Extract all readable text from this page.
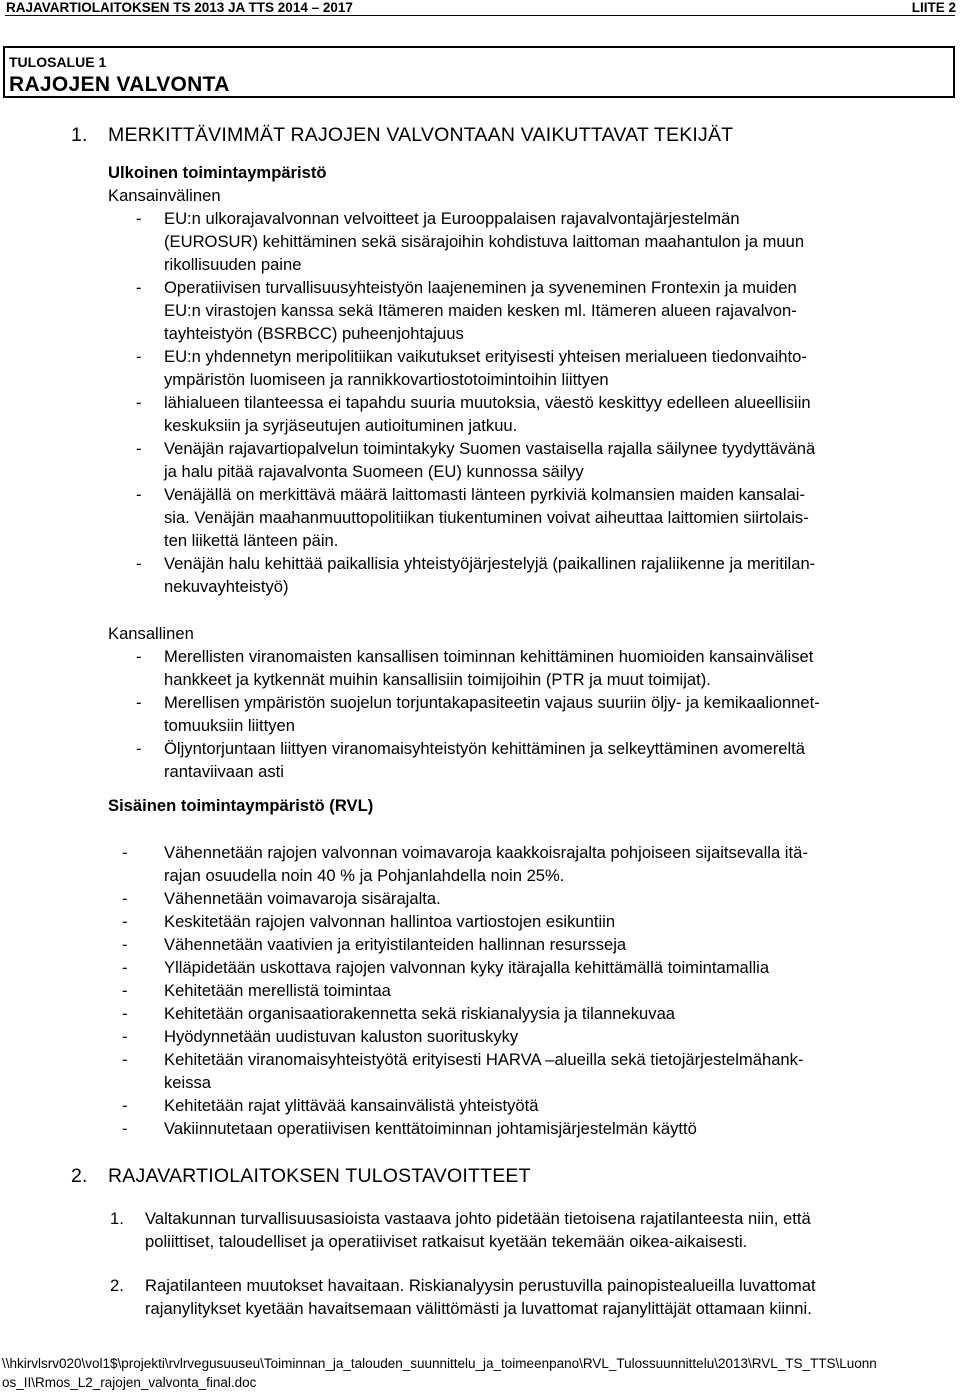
RAJAVARTIOLAITOKSEN TS 2013 JA TTS 2014 – 2017	LIITE 2
TULOSALUE 1
RAJOJEN VALVONTA
1. MERKITTÄVIMMÄT RAJOJEN VALVONTAAN VAIKUTTAVAT TEKIJÄT
Ulkoinen toimintaympäristö
Kansainvälinen
- EU:n ulkorajavalvonnan velvoitteet ja Eurooppalaisen rajavalvontajärjestelmän
(EUROSUR) kehittäminen sekä sisärajoihin kohdistuva laittoman maahantulon ja muun
rikollisuuden paine
- Operatiivisen turvallisuusyhteistyön laajeneminen ja syveneminen Frontexin ja muiden
EU:n virastojen kanssa sekä Itämeren maiden kesken ml. Itämeren alueen rajavalvon-
tayhteistyön (BSRBCC) puheenjohtajuus
- EU:n yhdennetyn meripolitiikan vaikutukset erityisesti yhteisen merialueen tiedonvaihto-
ympäristön luomiseen ja rannikkovartiostotoimintoihin liittyen
- lähialueen tilanteessa ei tapahdu suuria muutoksia, väestö keskittyy edelleen alueellisiin
keskuksiin ja syrjäseutujen autioituminen jatkuu.
- Venäjän rajavartiopalvelun toimintakyky Suomen vastaisella rajalla säilynee tyydyttävänä
ja halu pitää rajavalvonta Suomeen (EU) kunnossa säilyy
- Venäjällä on merkittävä määrä laittomasti länteen pyrkiviä kolmansien maiden kansalai-
sia. Venäjän maahanmuuttopolitiikan tiukentuminen voivat aiheuttaa laittomien siirtolais-
ten liikettä länteen päin.
- Venäjän halu kehittää paikallisia yhteistyöjärjestelyjä (paikallinen rajaliikenne ja meritilan-
nekuvayhteistyö)
Kansallinen
- Merellisten viranomaisten kansallisen toiminnan kehittäminen huomioiden kansainväliset
hankkeet ja kytkennät muihin kansallisiin toimijoihin (PTR ja muut toimijat).
- Merellisen ympäristön suojelun torjuntakapasiteetin vajaus suuriin öljy- ja kemikaalionnet-
tomuuksiin liittyen
- Öljyntorjuntaan liittyen viranomaisyhteistyön kehittäminen ja selkeyttäminen avomereltä
rantaviivaan asti
Sisäinen toimintaympäristö (RVL)
- Vähennetään rajojen valvonnan voimavaroja kaakkoisrajalta pohjoiseen sijaitsevalla itä-
rajan osuudella noin 40 % ja Pohjanlahdella noin 25%.
- Vähennetään voimavaroja sisärajalta.
- Keskitetään rajojen valvonnan hallintoa vartiostojen esikuntiin
- Vähennetään vaativien ja erityistilanteiden hallinnan resursseja
- Ylläpidetään uskottava rajojen valvonnan kyky itärajalla kehittämällä toimintamallia
- Kehitetään merellistä toimintaa
- Kehitetään organisaatiorakennetta sekä riskianalyysia ja tilannekuvaa
- Hyödynnetään uudistuvan kaluston suorituskyky
- Kehitetään viranomaisyhteistyötä erityisesti HARVA –alueilla sekä tietojärjestelmähank-
keissa
- Kehitetään rajat ylittävää kansainvälistä yhteistyötä
- Vakiinnutetaan operatiivisen kenttätoiminnan johtamisjärjestelmän käyttö
2. RAJAVARTIOLAITOKSEN TULOSTAVOITTEET
1. Valtakunnan turvallisuusasioista vastaava johto pidetään tietoisena rajatilanteesta niin, että
poliittiset, taloudelliset ja operatiiviset ratkaisut kyetään tekemään oikea-aikaisesti.
2. Rajatilanteen muutokset havaitaan. Riskianalyysin perustuvilla painopistealueilla luvattomat
rajanylitykset kyetään havaitsemaan välittömästi ja luvattomat rajanylittäjät ottamaan kiinni.
\\hkirvlsrv020\vol1$\projekti\rvlrvegusuuseu\Toiminnan_ja_talouden_suunnittelu_ja_toimeenpano\RVL_Tulossuunnittelu\2013\RVL_TS_TTS\Luonn
os_II\Rmos_L2_rajojen_valvonta_final.doc
